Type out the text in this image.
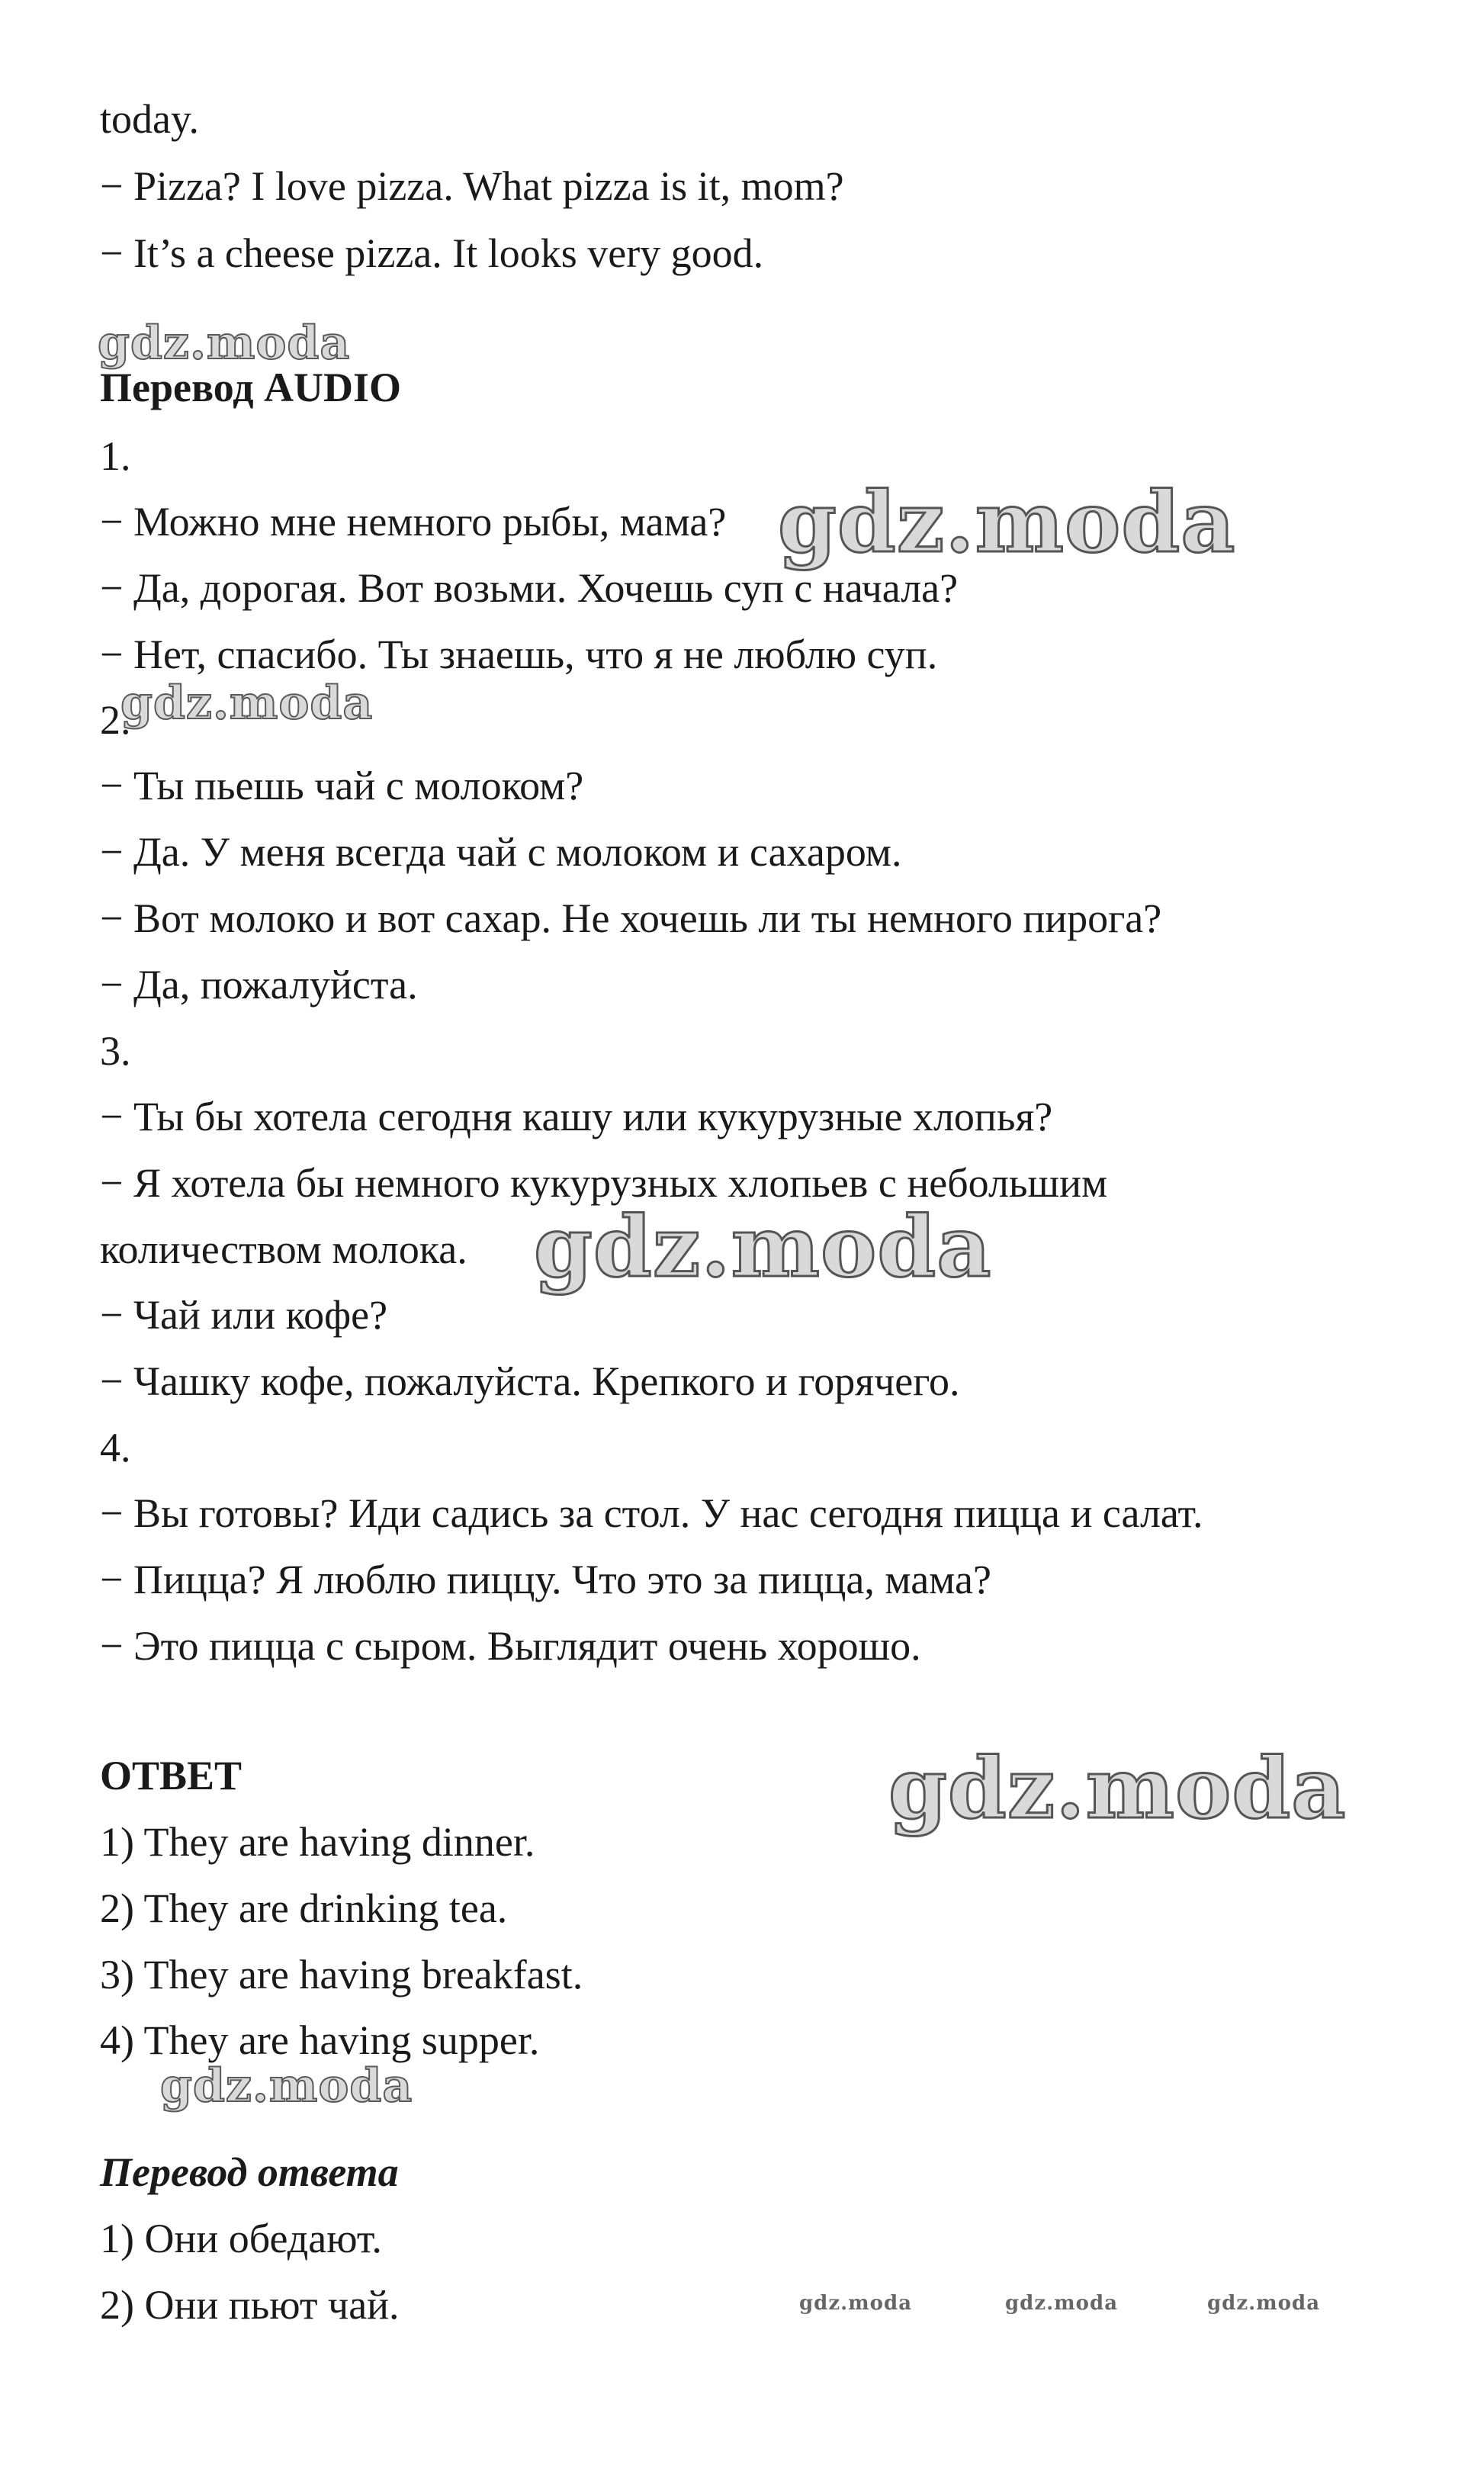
today.
− Pizza? I love pizza. What pizza is it, mom?
− It’s a cheese pizza. It looks very good.
Перевод AUDIO
1.
− Можно мне немного рыбы, мама?
− Да, дорогая. Вот возьми. Хочешь суп с начала?
− Нет, спасибо. Ты знаешь, что я не люблю суп.
2.
− Ты пьешь чай с молоком?
− Да. У меня всегда чай с молоком и сахаром.
− Вот молоко и вот сахар. Не хочешь ли ты немного пирога?
− Да, пожалуйста.
3.
− Ты бы хотела сегодня кашу или кукурузные хлопья?
− Я хотела бы немного кукурузных хлопьев с небольшим
количеством молока.
− Чай или кофе?
− Чашку кофе, пожалуйста. Крепкого и горячего.
4.
− Вы готовы? Иди садись за стол. У нас сегодня пицца и салат.
− Пицца? Я люблю пиццу. Что это за пицца, мама?
− Это пицца с сыром. Выглядит очень хорошо.
ОТВЕТ
1) They are having dinner.
2) They are drinking tea.
3) They are having breakfast.
4) They are having supper.
Перевод ответа
1) Они обедают.
2) Они пьют чай.
gdz.moda
gdz.moda
gdz.moda
gdz.moda
gdz.moda
gdz.moda
gdz.moda	gdz.moda	gdz.moda
